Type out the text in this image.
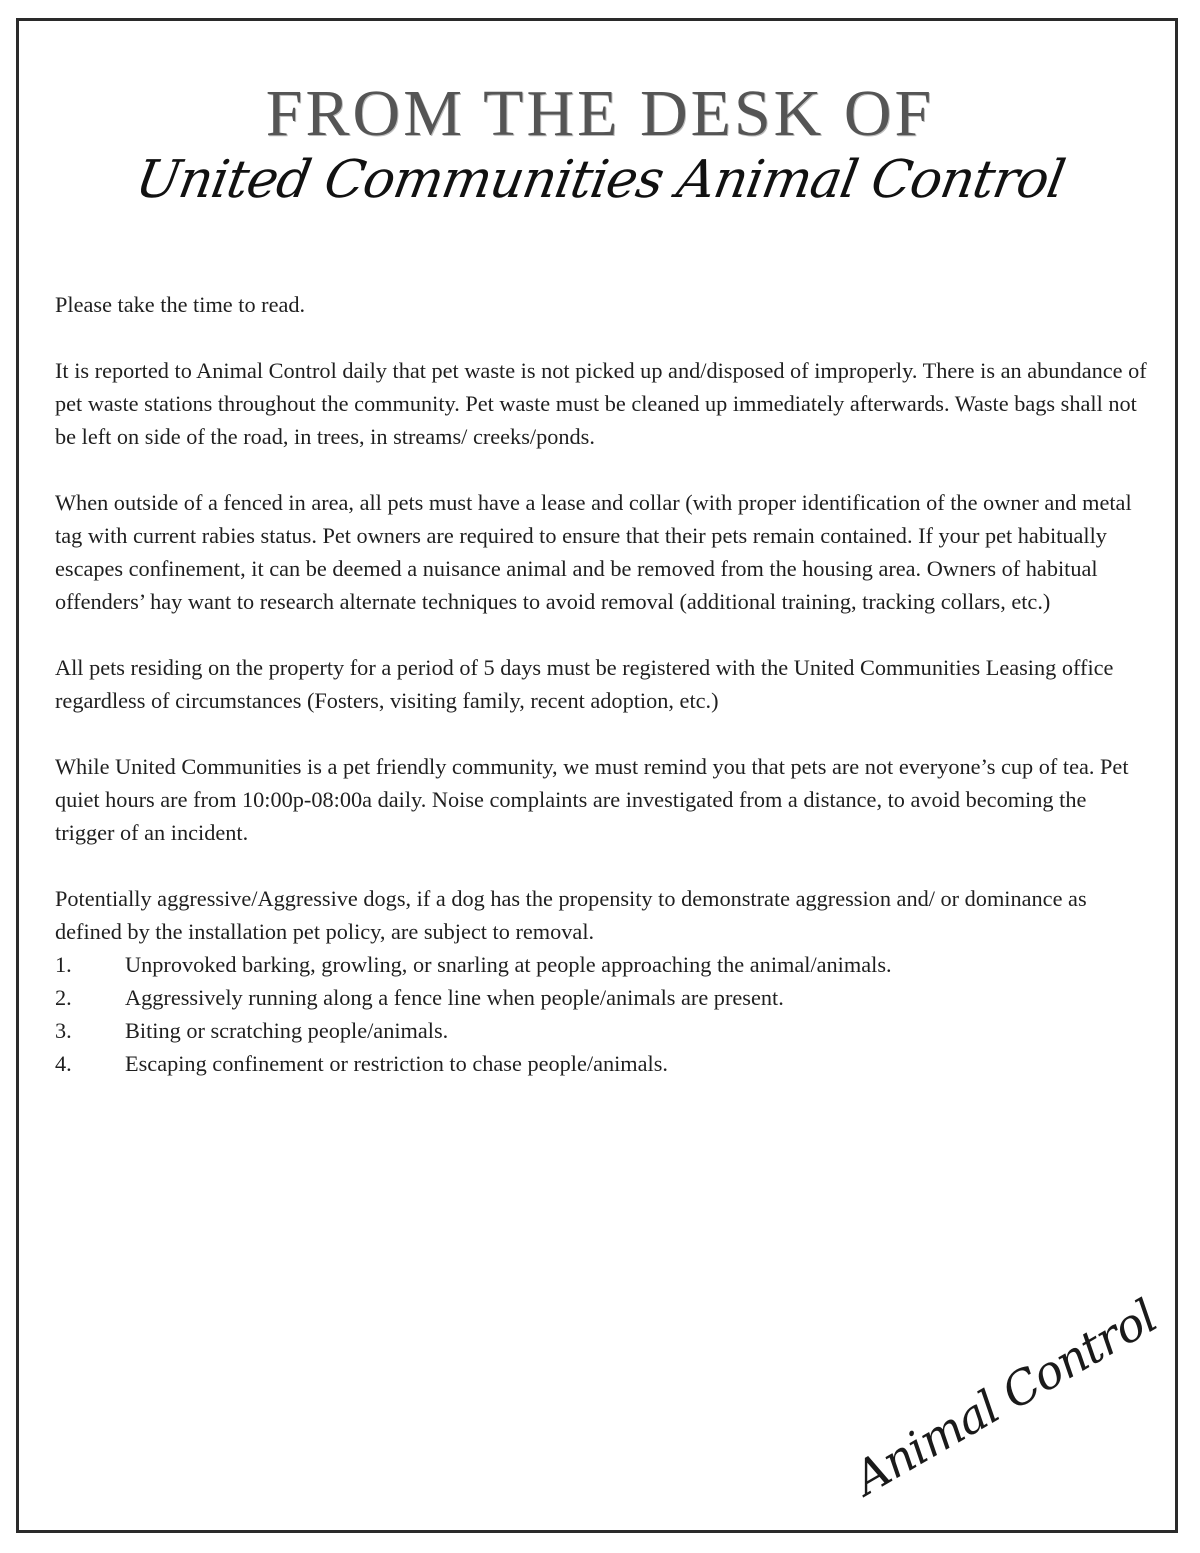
FROM THE DESK OF
United Communities Animal Control

Please take the time to read.

It is reported to Animal Control daily that pet waste is not picked up and/disposed of improperly. There is an abundance of pet waste stations throughout the community. Pet waste must be cleaned up immediately afterwards. Waste bags shall not be left on side of the road, in trees, in streams/ creeks/ponds.

When outside of a fenced in area, all pets must have a lease and collar (with proper identification of the owner and metal tag with current rabies status. Pet owners are required to ensure that their pets remain contained. If your pet habitually escapes confinement, it can be deemed a nuisance animal and be removed from the housing area. Owners of habitual offenders’ hay want to research alternate techniques to avoid removal (additional training, tracking collars, etc.)

All pets residing on the property for a period of 5 days must be registered with the United Communities Leasing office regardless of circumstances (Fosters, visiting family, recent adoption, etc.)

While United Communities is a pet friendly community, we must remind you that pets are not everyone’s cup of tea. Pet quiet hours are from 10:00p-08:00a daily. Noise complaints are investigated from a distance, to avoid becoming the trigger of an incident.

Potentially aggressive/Aggressive dogs, if a dog has the propensity to demonstrate aggression and/ or dominance as defined by the installation pet policy, are subject to removal.

1.	Unprovoked barking, growling, or snarling at people approaching the animal/animals.
2.	Aggressively running along a fence line when people/animals are present.
3.	Biting or scratching people/animals.
4.	Escaping confinement or restriction to chase people/animals.
Animal Control
